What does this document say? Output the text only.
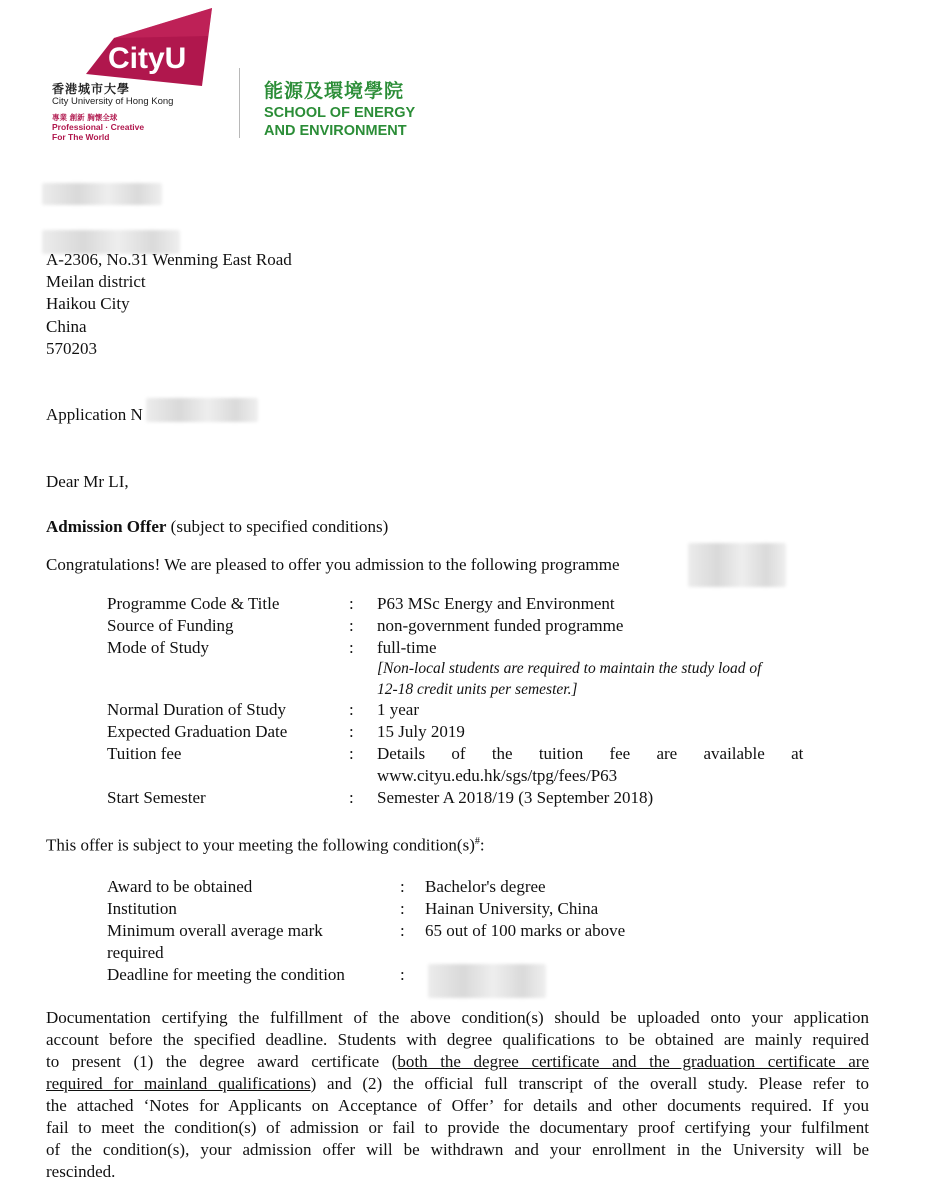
CityU
香港城市大學
City University of Hong Kong
專業 創新 胸懷全球
Professional · Creative
For The World
能源及環境學院
SCHOOL OF ENERGY
AND ENVIRONMENT
A-2306, No.31 Wenming East Road
Meilan district
Haikou City
China
570203
Application N
Dear Mr LI,
Admission Offer (subject to specified conditions)
Congratulations! We are pleased to offer you admission to the following programme
Programme Code & Title	: P63 MSc Energy and Environment
Source of Funding	: non-government funded programme
Mode of Study	: full-time
[Non-local students are required to maintain the study load of
12-18 credit units per semester.]
Normal Duration of Study	: 1 year
Expected Graduation Date	: 15 July 2019
Tuition fee	: Details of the tuition fee are available at
www.cityu.edu.hk/sgs/tpg/fees/P63
Start Semester	: Semester A 2018/19 (3 September 2018)
This offer is subject to your meeting the following condition(s)#:
Award to be obtained	: Bachelor's degree
Institution	: Hainan University, China
Minimum overall average mark	: 65 out of 100 marks or above
required
Deadline for meeting the condition	:
Documentation certifying the fulfillment of the above condition(s) should be uploaded onto your application
account before the specified deadline. Students with degree qualifications to be obtained are mainly required
to present (1) the degree award certificate (both the degree certificate and the graduation certificate are
required for mainland qualifications) and (2) the official full transcript of the overall study. Please refer to
the attached ‘Notes for Applicants on Acceptance of Offer’ for details and other documents required. If you
fail to meet the condition(s) of admission or fail to provide the documentary proof certifying your fulfilment
of the condition(s), your admission offer will be withdrawn and your enrollment in the University will be
rescinded.
